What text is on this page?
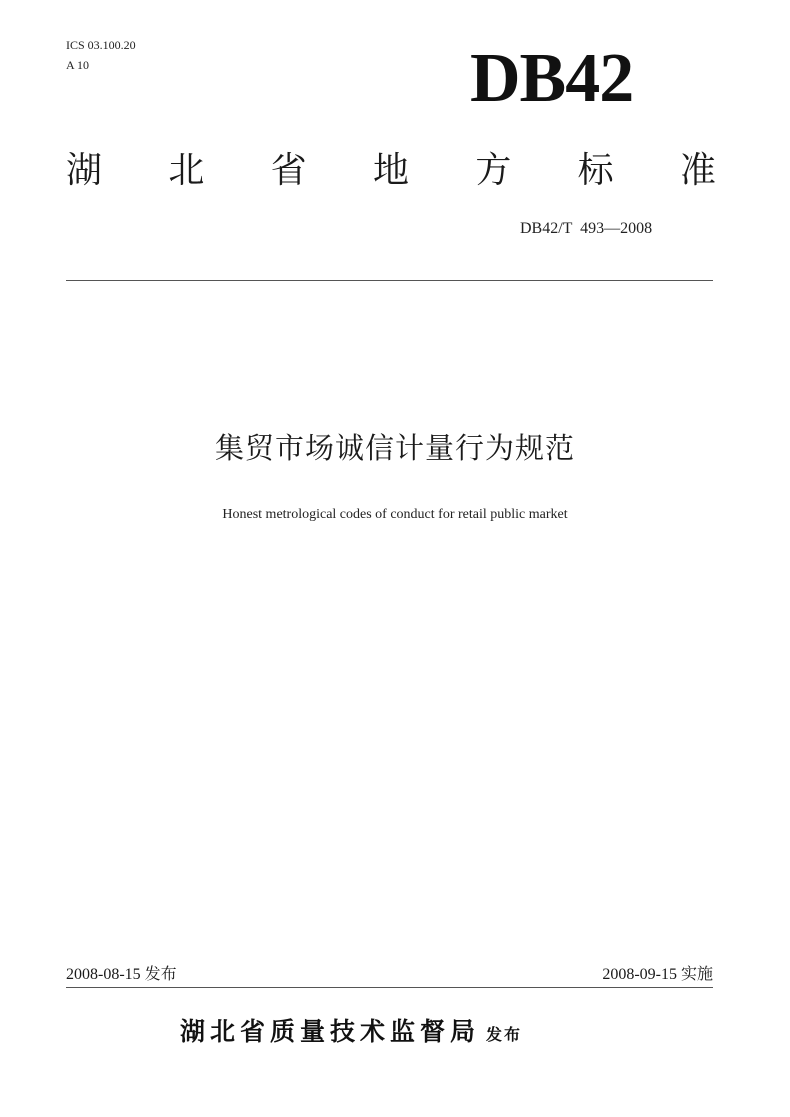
ICS 03.100.20
A 10	DB42
湖 北 省 地 方 标 准
DB42/T  493—2008
集贸市场诚信计量行为规范
Honest metrological codes of conduct for retail public market
2008-08-15 发布	2008-09-15 实施
湖北省质量技术监督局 发布
